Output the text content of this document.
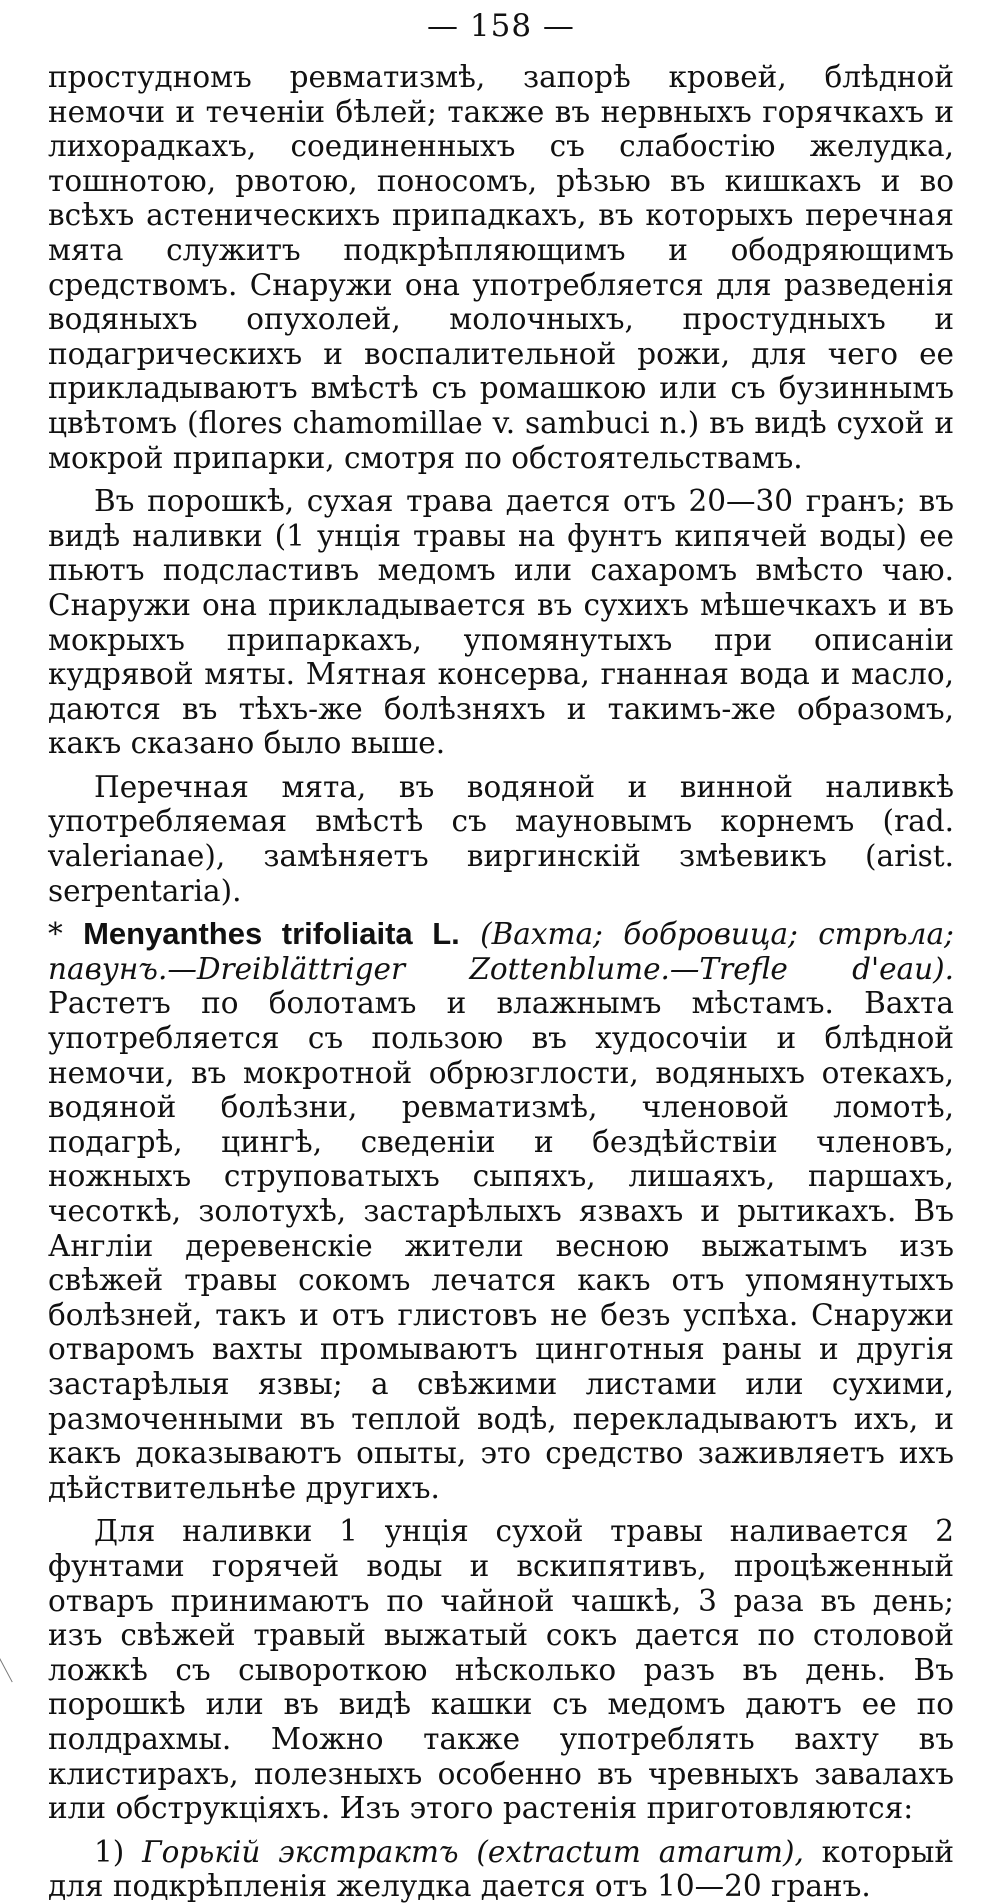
— 158 —

простудномъ ревматизмѣ, запорѣ кровей, блѣдной немочи и теченіи бѣлей; также въ нервныхъ горячкахъ и лихорадкахъ, соединенныхъ съ слабостію желудка, тошнотою, рвотою, поносомъ, рѣзью въ кишкахъ и во всѣхъ астеническихъ припадкахъ, въ которыхъ перечная мята служитъ подкрѣпляющимъ и ободряющимъ средствомъ. Снаружи она употребляется для разведенія водяныхъ опухолей, молочныхъ, простудныхъ и подагрическихъ и воспалительной рожи, для чего ее прикладываютъ вмѣстѣ съ ромашкою или съ бузиннымъ цвѣтомъ (flores chamomillae v. sambuci n.) въ видѣ сухой и мокрой припарки, смотря по обстоятельствамъ.

Въ порошкѣ, сухая трава дается отъ 20—30 гранъ; въ видѣ наливки (1 унція травы на фунтъ кипячей воды) ее пьютъ подсластивъ медомъ или сахаромъ вмѣсто чаю. Снаружи она прикладывается въ сухихъ мѣшечкахъ и въ мокрыхъ припаркахъ, упомянутыхъ при описаніи кудрявой мяты. Мятная консерва, гнанная вода и масло, даются въ тѣхъ-же болѣзняхъ и такимъ-же образомъ, какъ сказано было выше.

Перечная мята, въ водяной и винной наливкѣ употребляемая вмѣстѣ съ мауновымъ корнемъ (rad. valerianae), замѣняетъ виргинскій змѣевикъ (arist. serpentaria).

* Menyanthes trifoliaita L. (Вахта; бобровица; стрѣла; павунъ.—Dreiblättriger Zottenblume.—Trefle d'eau). Растетъ по болотамъ и влажнымъ мѣстамъ. Вахта употребляется съ пользою въ худосочіи и блѣдной немочи, въ мокротной обрюзглости, водяныхъ отекахъ, водяной болѣзни, ревматизмѣ, членовой ломотѣ, подагрѣ, цингѣ, сведеніи и бездѣйствіи членовъ, ножныхъ струповатыхъ сыпяхъ, лишаяхъ, паршахъ, чесоткѣ, золотухѣ, застарѣлыхъ язвахъ и рытикахъ. Въ Англіи деревенскіе жители весною выжатымъ изъ свѣжей травы сокомъ лечатся какъ отъ упомянутыхъ болѣзней, такъ и отъ глистовъ не безъ успѣха. Снаружи отваромъ вахты промываютъ цинготныя раны и другія застарѣлыя язвы; а свѣжими листами или сухими, размоченными въ теплой водѣ, перекладываютъ ихъ, и какъ доказываютъ опыты, это средство заживляетъ ихъ дѣйствительнѣе другихъ.

Для наливки 1 унція сухой травы наливается 2 фунтами горячей воды и вскипятивъ, процѣженный отваръ принимаютъ по чайной чашкѣ, 3 раза въ день; изъ свѣжей травый выжатый сокъ дается по столовой ложкѣ съ сывороткою нѣсколько разъ въ день. Въ порошкѣ или въ видѣ кашки съ медомъ даютъ ее по полдрахмы. Можно также употреблять вахту въ клистирахъ, полезныхъ особенно въ чревныхъ завалахъ или обструкціяхъ. Изъ этого растенія приготовляются:

1) Горькій экстрактъ (extractum amarum), который для подкрѣпленія желудка дается отъ 10—20 гранъ.
